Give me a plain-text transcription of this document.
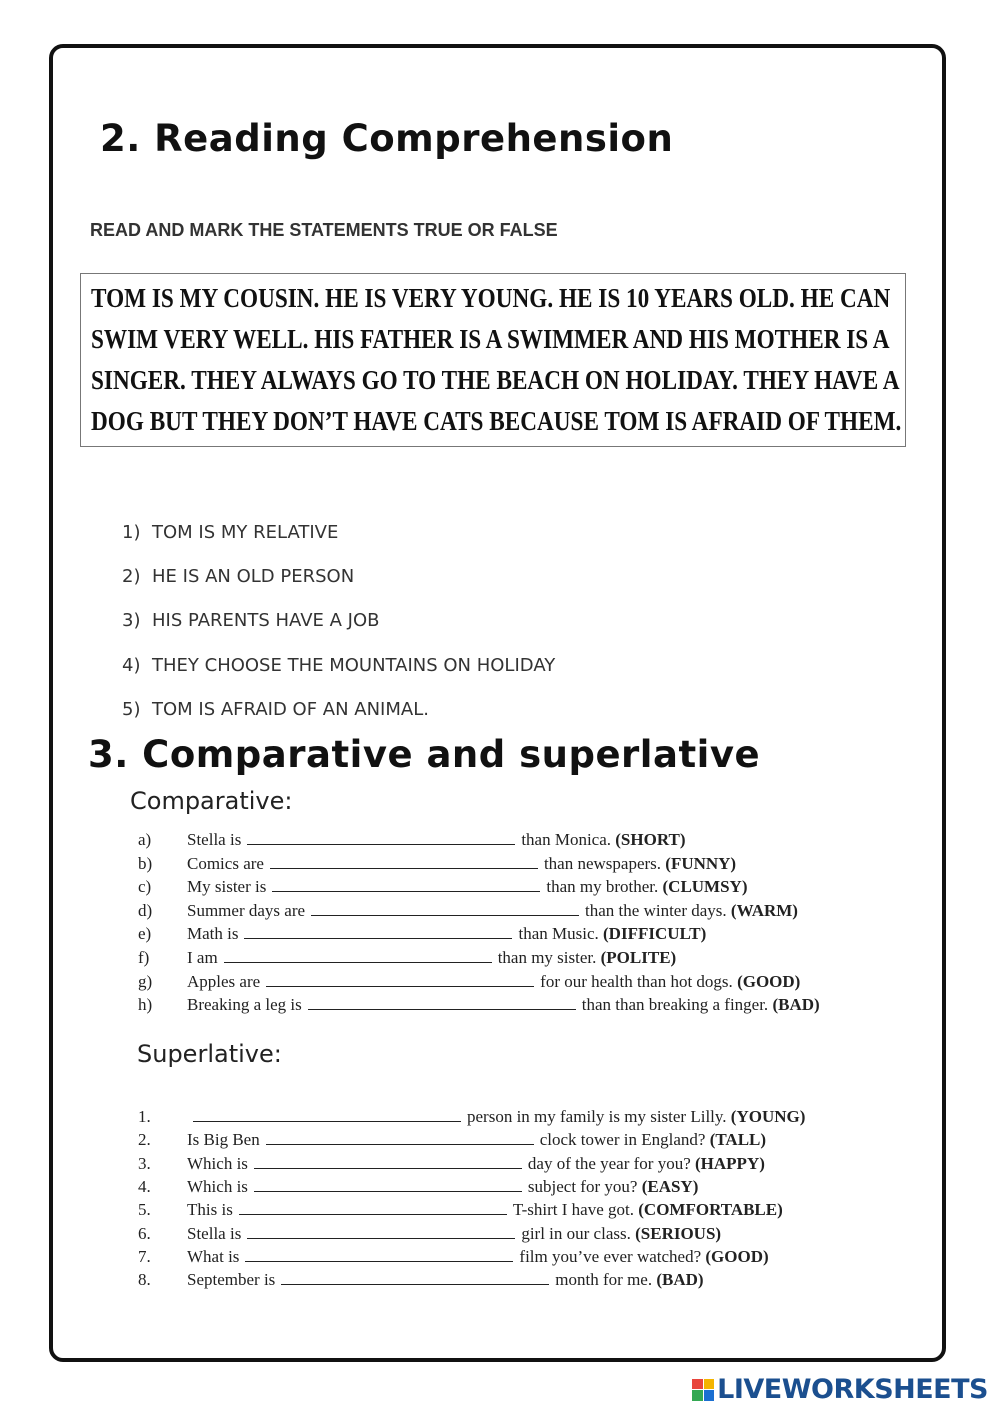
2. Reading Comprehension
READ AND MARK THE STATEMENTS TRUE OR FALSE
TOM IS MY COUSIN. HE IS VERY YOUNG. HE IS 10 YEARS OLD. HE CAN
SWIM VERY WELL. HIS FATHER IS A SWIMMER AND HIS MOTHER IS A
SINGER. THEY ALWAYS GO TO THE BEACH ON HOLIDAY. THEY HAVE A
DOG BUT THEY DON’T HAVE CATS BECAUSE TOM IS AFRAID OF THEM.
1) TOM IS MY RELATIVE
2) HE IS AN OLD PERSON
3) HIS PARENTS HAVE A JOB
4) THEY CHOOSE THE MOUNTAINS ON HOLIDAY
5) TOM IS AFRAID OF AN ANIMAL.
3. Comparative and superlative
Comparative:
a) Stella is	than Monica. (SHORT)
b) Comics are	than newspapers. (FUNNY)
c) My sister is	than my brother. (CLUMSY)
d) Summer days are	than the winter days. (WARM)
e) Math is	than Music. (DIFFICULT)
f) I am	than my sister. (POLITE)
g) Apples are	for our health than hot dogs. (GOOD)
h) Breaking a leg is	than than breaking a finger. (BAD)
Superlative:
1.	person in my family is my sister Lilly. (YOUNG)
2. Is Big Ben	clock tower in England? (TALL)
3. Which is	day of the year for you? (HAPPY)
4. Which is	subject for you? (EASY)
5. This is	T-shirt I have got. (COMFORTABLE)
6. Stella is	girl in our class. (SERIOUS)
7. What is	film you’ve ever watched? (GOOD)
8. September is	month for me. (BAD)
LIVEWORKSHEETS
